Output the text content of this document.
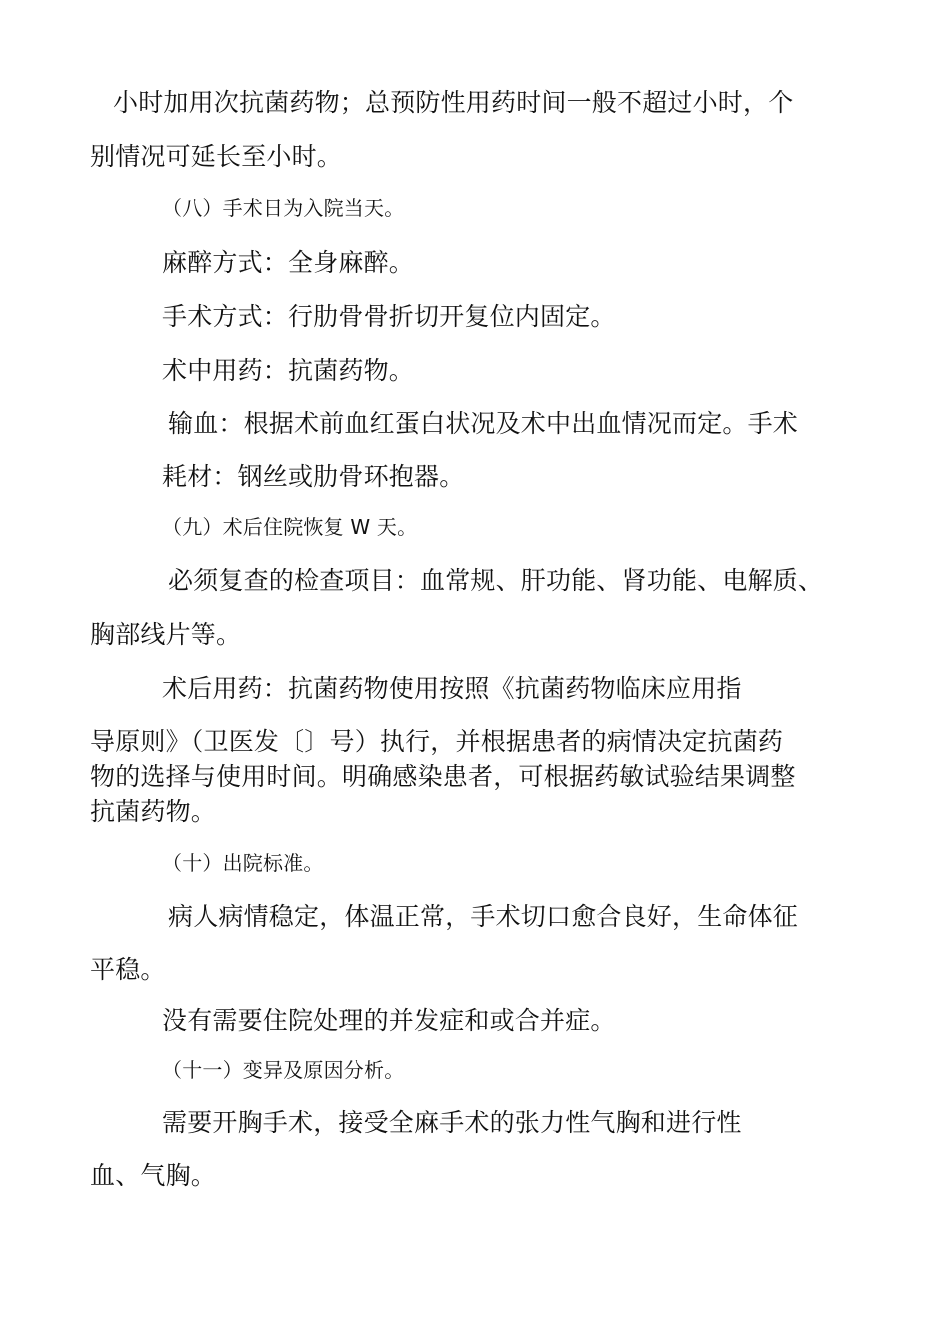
小时加用次抗菌药物；总预防性用药时间一般不超过小时，个
别情况可延长至小时。
（八）手术日为入院当天。
麻醉方式：全身麻醉。
手术方式：行肋骨骨折切开复位内固定。
术中用药：抗菌药物。
输血：根据术前血红蛋白状况及术中出血情况而定。手术
耗材：钢丝或肋骨环抱器。
（九）术后住院恢复 W 天。
必须复查的检查项目：血常规、肝功能、肾功能、电解质、
胸部线片等。
术后用药：抗菌药物使用按照《抗菌药物临床应用指
导原则》（卫医发〔〕号）执行，并根据患者的病情决定抗菌药
物的选择与使用时间。明确感染患者，可根据药敏试验结果调整
抗菌药物。
（十）出院标准。
病人病情稳定，体温正常，手术切口愈合良好，生命体征
平稳。
没有需要住院处理的并发症和或合并症。
（十一）变异及原因分析。
需要开胸手术，接受全麻手术的张力性气胸和进行性
血、气胸。
